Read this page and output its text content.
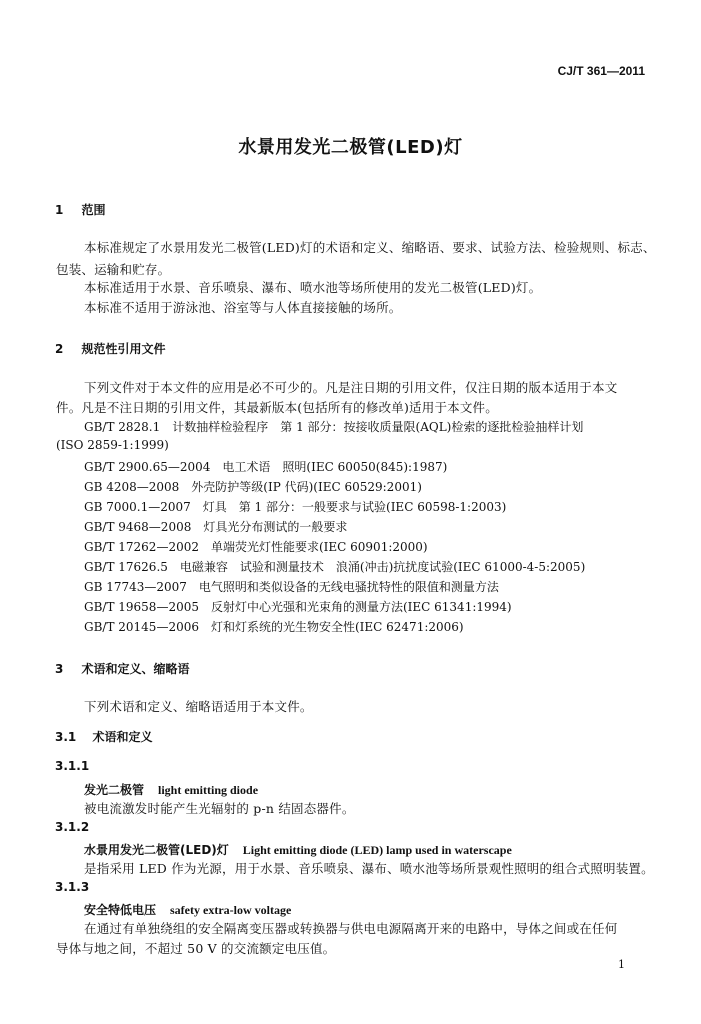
CJ/T 361—2011
水景用发光二极管(LED)灯
1 范围
本标准规定了水景用发光二极管(LED)灯的术语和定义、缩略语、要求、试验方法、检验规则、标志、
包装、运输和贮存。
本标准适用于水景、音乐喷泉、瀑布、喷水池等场所使用的发光二极管(LED)灯。
本标准不适用于游泳池、浴室等与人体直接接触的场所。
2 规范性引用文件
下列文件对于本文件的应用是必不可少的。凡是注日期的引用文件，仅注日期的版本适用于本文
件。凡是不注日期的引用文件，其最新版本(包括所有的修改单)适用于本文件。
GB/T 2828.1　计数抽样检验程序　第 1 部分：按接收质量限(AQL)检索的逐批检验抽样计划
(ISO 2859-1:1999)
GB/T 2900.65—2004　电工术语　照明(IEC 60050(845):1987)
GB 4208—2008　外壳防护等级(IP 代码)(IEC 60529:2001)
GB 7000.1—2007　灯具　第 1 部分：一般要求与试验(IEC 60598-1:2003)
GB/T 9468—2008　灯具光分布测试的一般要求
GB/T 17262—2002　单端荧光灯性能要求(IEC 60901:2000)
GB/T 17626.5　电磁兼容　试验和测量技术　浪涌(冲击)抗扰度试验(IEC 61000-4-5:2005)
GB 17743—2007　电气照明和类似设备的无线电骚扰特性的限值和测量方法
GB/T 19658—2005　反射灯中心光强和光束角的测量方法(IEC 61341:1994)
GB/T 20145—2006　灯和灯系统的光生物安全性(IEC 62471:2006)
3 术语和定义、缩略语
下列术语和定义、缩略语适用于本文件。
3.1 术语和定义
3.1.1
发光二极管 light emitting diode
被电流激发时能产生光辐射的 p-n 结固态器件。
3.1.2
水景用发光二极管(LED)灯 Light emitting diode (LED) lamp used in waterscape
是指采用 LED 作为光源，用于水景、音乐喷泉、瀑布、喷水池等场所景观性照明的组合式照明装置。
3.1.3
安全特低电压 safety extra-low voltage
在通过有单独绕组的安全隔离变压器或转换器与供电电源隔离开来的电路中，导体之间或在任何
导体与地之间，不超过 50 V 的交流额定电压值。
1
